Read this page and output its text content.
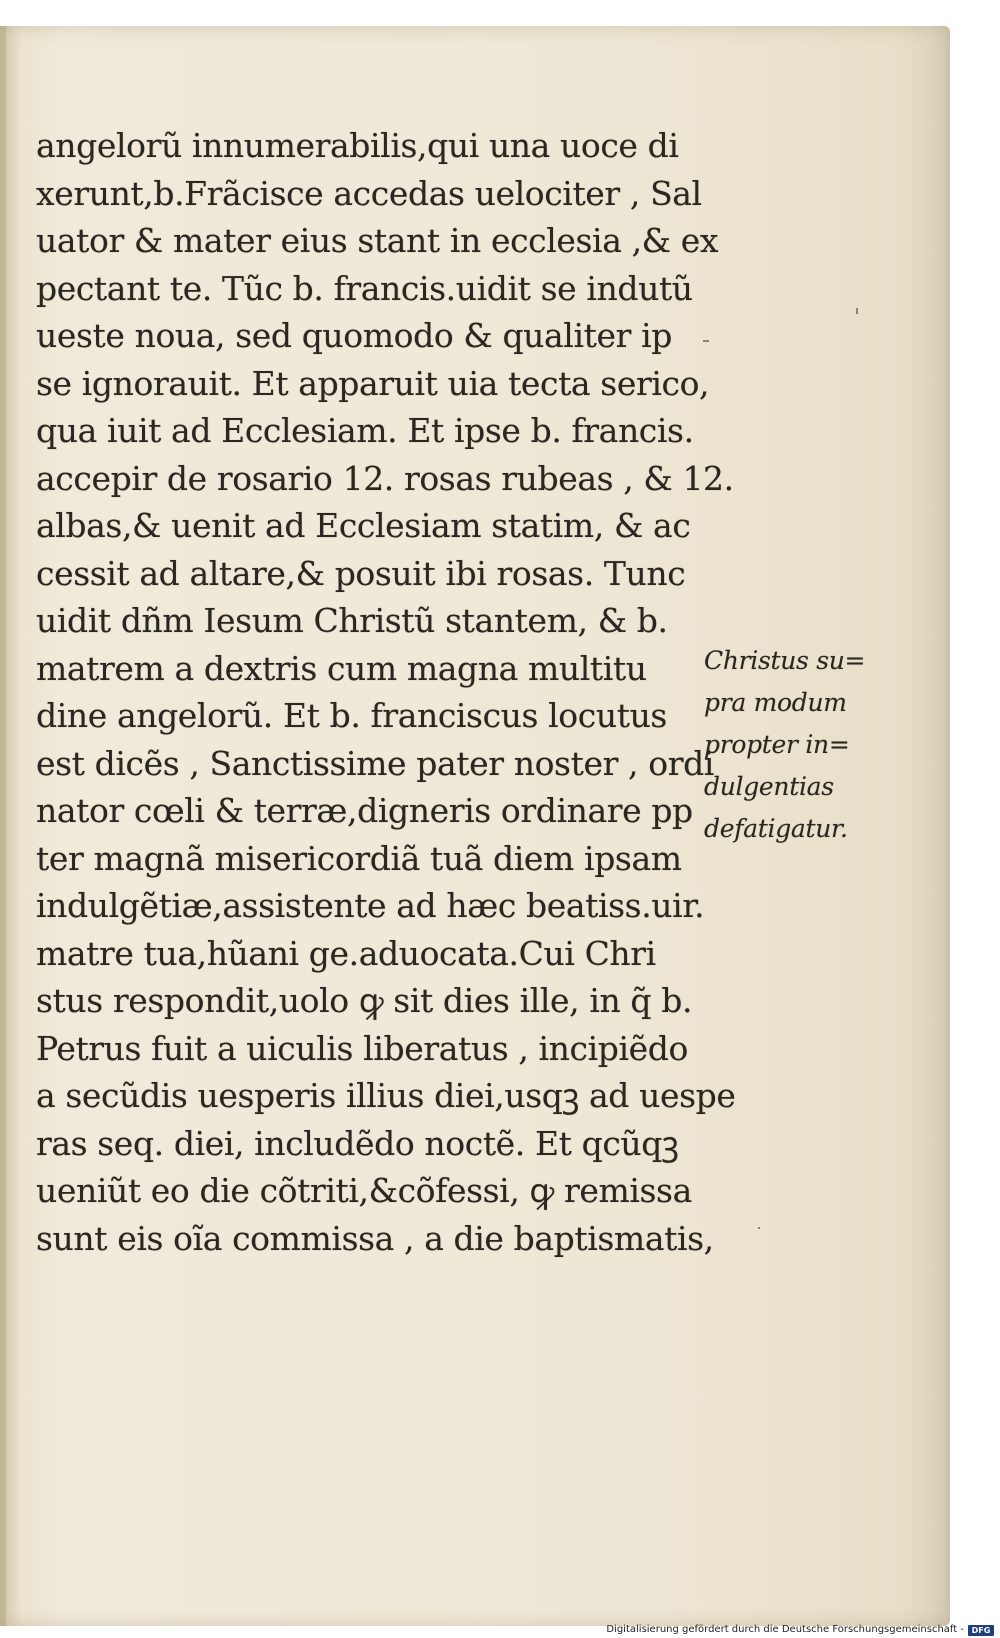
angelorũ innumerabilis,qui una uoce di
xerunt,b.Frãcisce accedas uelociter , Sal
uator & mater eius stant in ecclesia ,& ex
pectant te. Tũc b. francis.uidit se indutũ
ueste noua, sed quomodo & qualiter ip
se ignorauit. Et apparuit uia tecta serico,
qua iuit ad Ecclesiam. Et ipse b. francis.
accepir de rosario 12. rosas rubeas , & 12.
albas,& uenit ad Ecclesiam statim, & ac
cessit ad altare,& posuit ibi rosas. Tunc
uidit dñm Iesum Christũ stantem, & b.
matrem a dextris cum magna multitu
dine angelorũ. Et b. franciscus locutus
est dicẽs , Sanctissime pater noster , ordi
nator cœli & terræ,digneris ordinare pp
ter magnã misericordiã tuã diem ipsam
indulgẽtiæ,assistente ad hæc beatiss.uir.
matre tua,hũani ge.aduocata.Cui Chri
stus respondit,uolo ꝙ sit dies ille, in q̃ b.
Petrus fuit a uiculis liberatus , incipiẽdo
a secũdis uesperis illius diei,usqꝫ ad uespe
ras seq. diei, includẽdo noctẽ. Et qcũqꝫ
ueniũt eo die cõtriti,&cõfessi, ꝙ remissa
sunt eis oĩa commissa , a die baptismatis,
Christus su=
pra modum
propter in=
dulgentias
defatigatur.
Digitalisierung gefördert durch die Deutsche Forschungsgemeinschaft - DFG
